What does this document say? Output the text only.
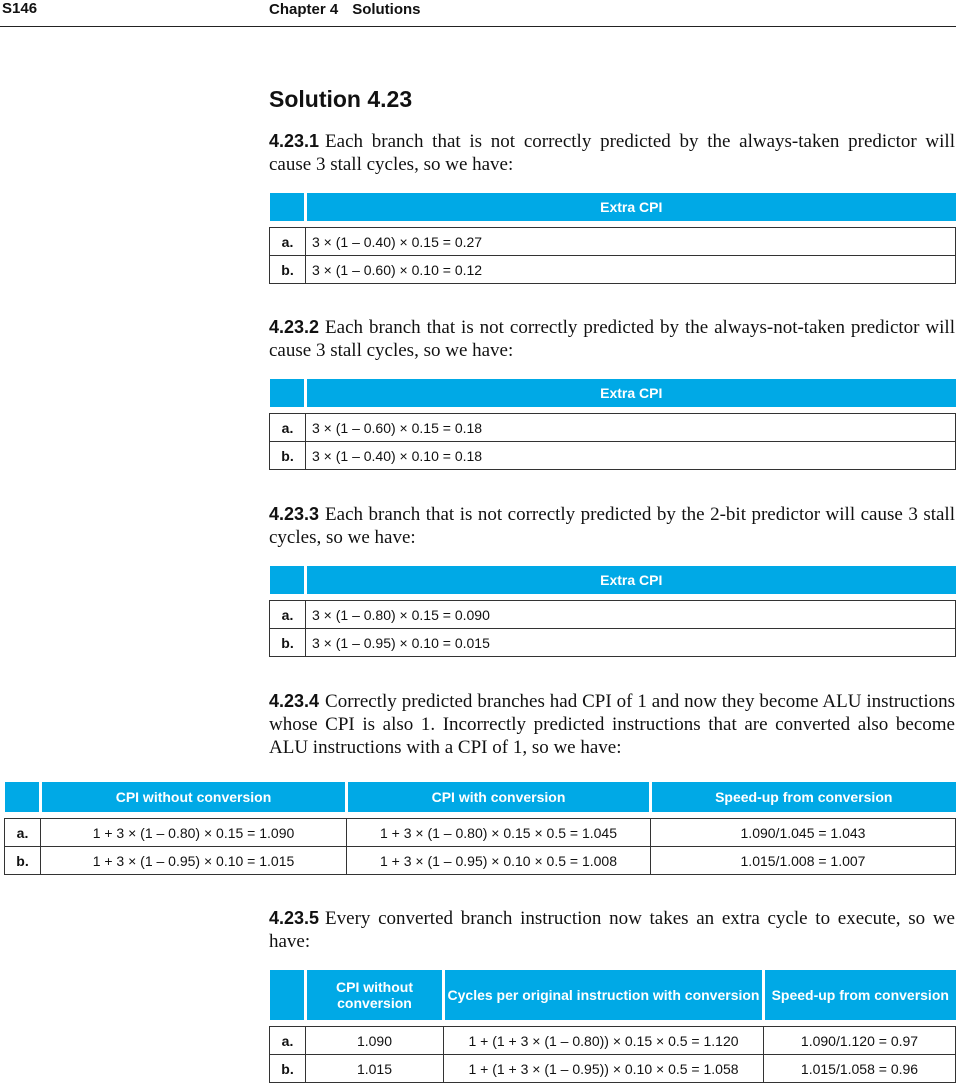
S146	Chapter 4 Solutions
Solution 4.23

4.23.1 Each branch that is not correctly predicted by the always-taken predictor will cause 3 stall cycles, so we have:

	Extra CPI

a.	3 × (1 – 0.40) × 0.15 = 0.27
b.	3 × (1 – 0.60) × 0.10 = 0.12

4.23.2 Each branch that is not correctly predicted by the always-not-taken predictor will cause 3 stall cycles, so we have:

	Extra CPI

a.	3 × (1 – 0.60) × 0.15 = 0.18
b.	3 × (1 – 0.40) × 0.10 = 0.18

4.23.3 Each branch that is not correctly predicted by the 2-bit predictor will cause 3 stall cycles, so we have:

	Extra CPI

a.	3 × (1 – 0.80) × 0.15 = 0.090
b.	3 × (1 – 0.95) × 0.10 = 0.015

4.23.4 Correctly predicted branches had CPI of 1 and now they become ALU instructions whose CPI is also 1. Incorrectly predicted instructions that are converted also become ALU instructions with a CPI of 1, so we have:

	CPI without conversion	CPI with conversion	Speed-up from conversion

a.	1 + 3 × (1 – 0.80) × 0.15 = 1.090	1 + 3 × (1 – 0.80) × 0.15 × 0.5 = 1.045	1.090/1.045 = 1.043
b.	1 + 3 × (1 – 0.95) × 0.10 = 1.015	1 + 3 × (1 – 0.95) × 0.10 × 0.5 = 1.008	1.015/1.008 = 1.007

4.23.5 Every converted branch instruction now takes an extra cycle to execute, so we have:

	CPI without conversion	Cycles per original instruction with conversion	Speed-up from conversion

a.	1.090	1 + (1 + 3 × (1 – 0.80)) × 0.15 × 0.5 = 1.120	1.090/1.120 = 0.97
b.	1.015	1 + (1 + 3 × (1 – 0.95)) × 0.10 × 0.5 = 1.058	1.015/1.058 = 0.96
